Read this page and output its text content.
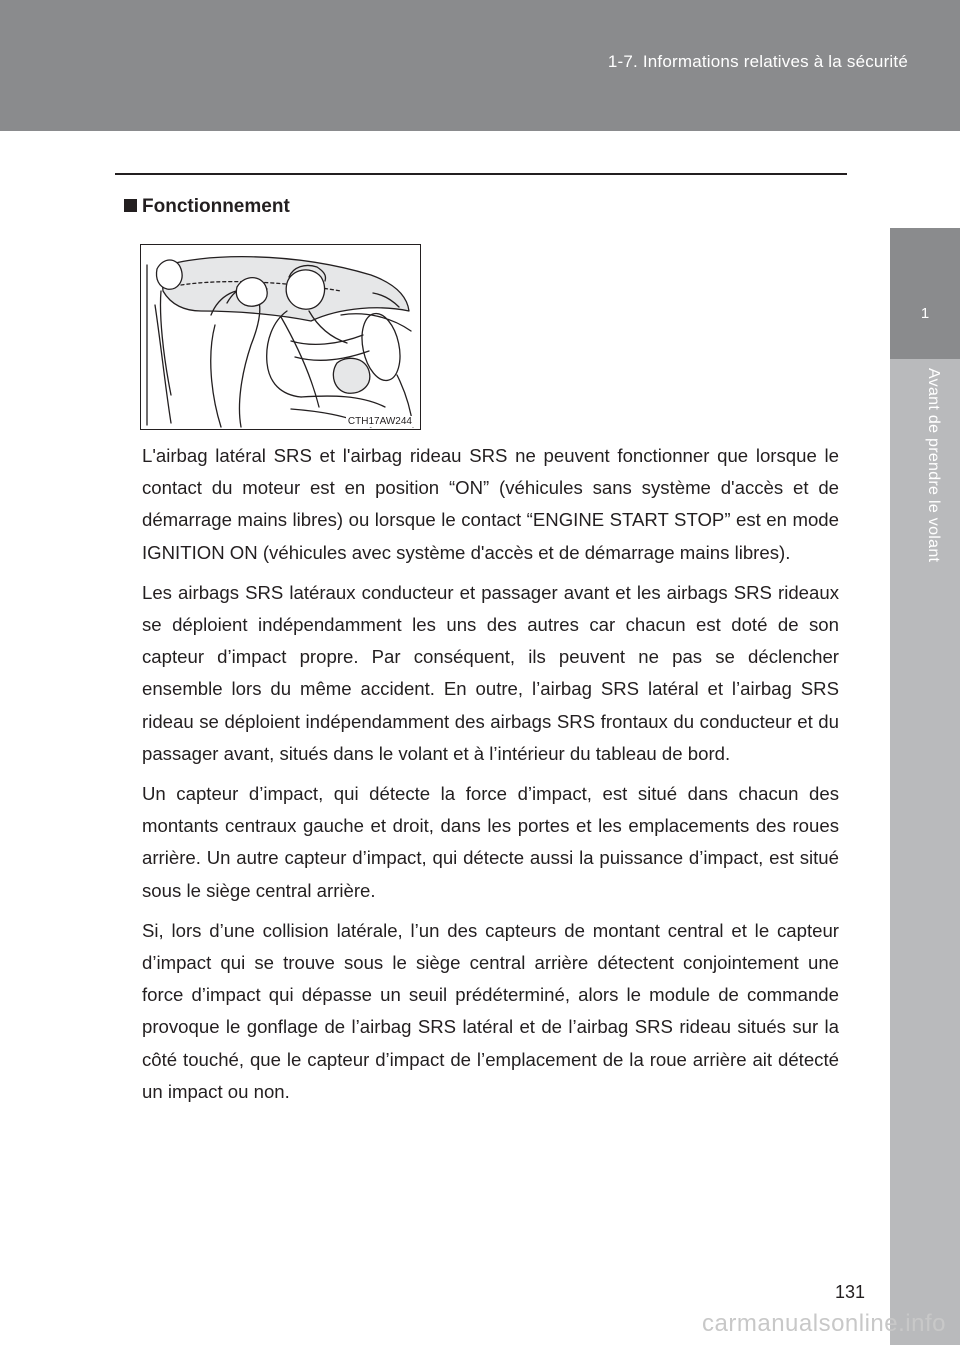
1-7. Informations relatives à la sécurité
1
Avant de prendre le volant
Fonctionnement
CTH17AW244

L'airbag latéral SRS et l'airbag rideau SRS ne peuvent fonctionner que lorsque le contact du moteur est en position “ON” (véhicules sans système d'accès et de démarrage mains libres) ou lorsque le contact “ENGINE START STOP” est en mode IGNITION ON (véhicules avec système d'accès et de démarrage mains libres).

Les airbags SRS latéraux conducteur et passager avant et les airbags SRS rideaux se déploient indépendamment les uns des autres car chacun est doté de son capteur d’impact propre. Par conséquent, ils peuvent ne pas se déclencher ensemble lors du même accident. En outre, l’airbag SRS latéral et l’airbag SRS rideau se déploient indépendamment des airbags SRS frontaux du conducteur et du passager avant, situés dans le volant et à l’intérieur du tableau de bord.

Un capteur d’impact, qui détecte la force d’impact, est situé dans chacun des montants centraux gauche et droit, dans les portes et les emplacements des roues arrière. Un autre capteur d’impact, qui détecte aussi la puissance d’impact, est situé sous le siège central arrière.

Si, lors d’une collision latérale, l’un des capteurs de montant central et le capteur d’impact qui se trouve sous le siège central arrière détectent conjointement une force d’impact qui dépasse un seuil prédéterminé, alors le module de commande provoque le gonflage de l’airbag SRS latéral et de l’airbag SRS rideau situés sur la côté touché, que le capteur d’impact de l’emplacement de la roue arrière ait détecté un impact ou non.

131
carmanualsonline.info
